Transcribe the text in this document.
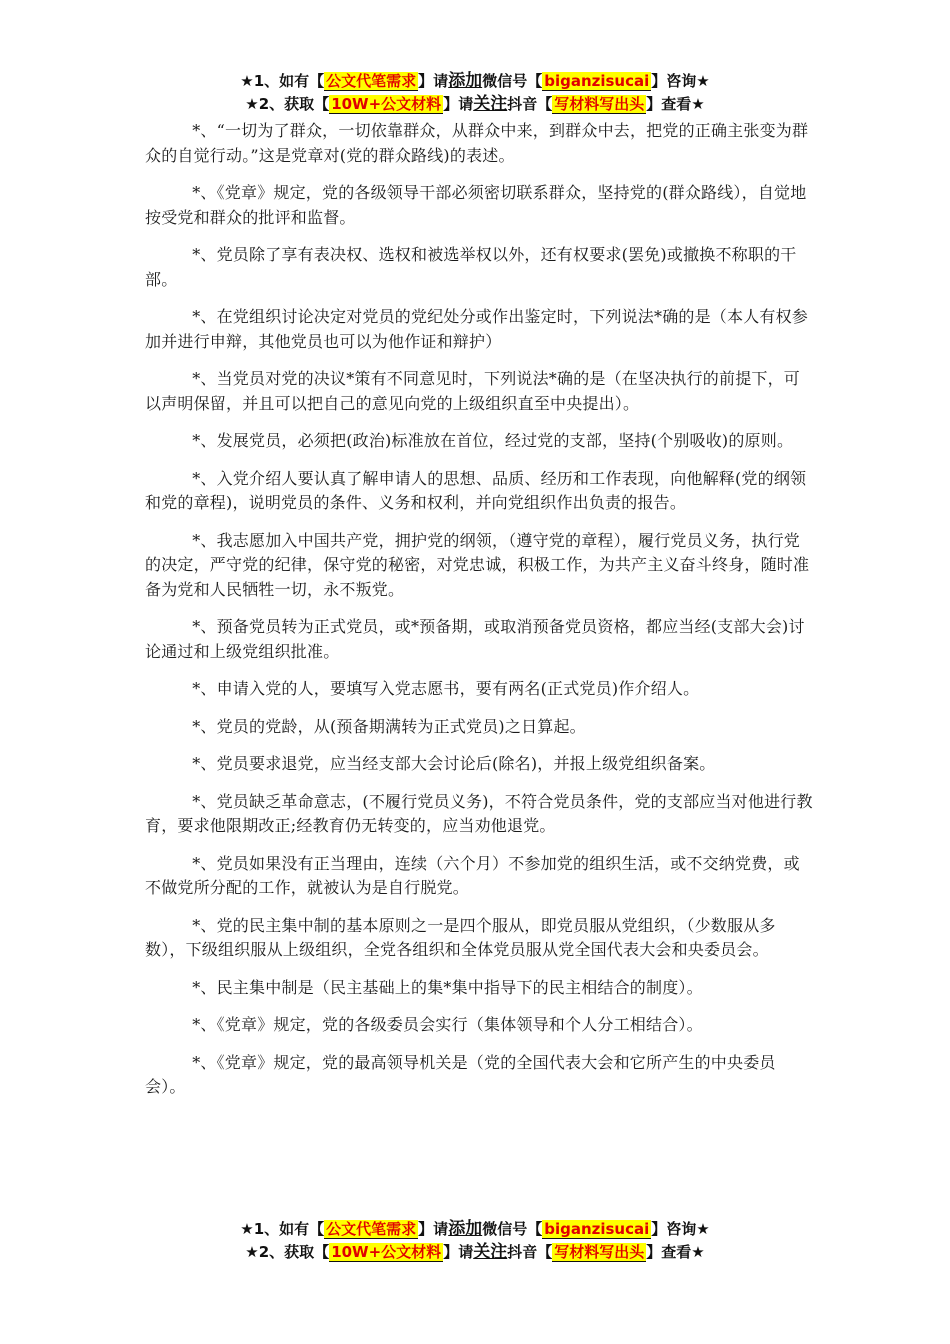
★1、如有【 公文代笔需求 】请添加微信号【 biganzisucai 】咨询★
★2、获取【 10W+公文材料 】请关注抖音【 写材料写出头 】查看★

*、“一切为了群众，一切依靠群众，从群众中来，到群众中去，把党的正确主张变为群众的自觉行动。”这是党章对(党的群众路线)的表述。

*、《党章》规定，党的各级领导干部必须密切联系群众，坚持党的(群众路线），自觉地按受党和群众的批评和监督。

*、党员除了享有表决权、选权和被选举权以外，还有权要求(罢免)或撤换不称职的干部。

*、在党组织讨论决定对党员的党纪处分或作出鉴定时，下列说法*确的是（本人有权参加并进行申辩，其他党员也可以为他作证和辩护）

*、当党员对党的决议*策有不同意见时，下列说法*确的是（在坚决执行的前提下，可以声明保留，并且可以把自己的意见向党的上级组织直至中央提出）。

*、发展党员，必须把(政治)标准放在首位，经过党的支部，坚持(个别吸收)的原则。

*、入党介绍人要认真了解申请人的思想、品质、经历和工作表现，向他解释(党的纲领和党的章程)，说明党员的条件、义务和权利，并向党组织作出负责的报告。

*、我志愿加入中国共产党，拥护党的纲领，（遵守党的章程），履行党员义务，执行党的决定，严守党的纪律，保守党的秘密，对党忠诚，积极工作，为共产主义奋斗终身，随时准备为党和人民牺牲一切，永不叛党。

*、预备党员转为正式党员，或*预备期，或取消预备党员资格，都应当经(支部大会)讨论通过和上级党组织批准。

*、申请入党的人，要填写入党志愿书，要有两名(正式党员)作介绍人。

*、党员的党龄，从(预备期满转为正式党员)之日算起。

*、党员要求退党，应当经支部大会讨论后(除名)，并报上级党组织备案。

*、党员缺乏革命意志，(不履行党员义务)，不符合党员条件，党的支部应当对他进行教育，要求他限期改正;经教育仍无转变的，应当劝他退党。

*、党员如果没有正当理由，连续（六个月）不参加党的组织生活，或不交纳党费，或不做党所分配的工作，就被认为是自行脱党。

*、党的民主集中制的基本原则之一是四个服从，即党员服从党组织，（少数服从多数），下级组织服从上级组织，全党各组织和全体党员服从党全国代表大会和央委员会。

*、民主集中制是（民主基础上的集*集中指导下的民主相结合的制度）。

*、《党章》规定，党的各级委员会实行（集体领导和个人分工相结合）。

*、《党章》规定，党的最高领导机关是（党的全国代表大会和它所产生的中央委员会）。

★1、如有【 公文代笔需求 】请添加微信号【 biganzisucai 】咨询★
★2、获取【 10W+公文材料 】请关注抖音【 写材料写出头 】查看★
